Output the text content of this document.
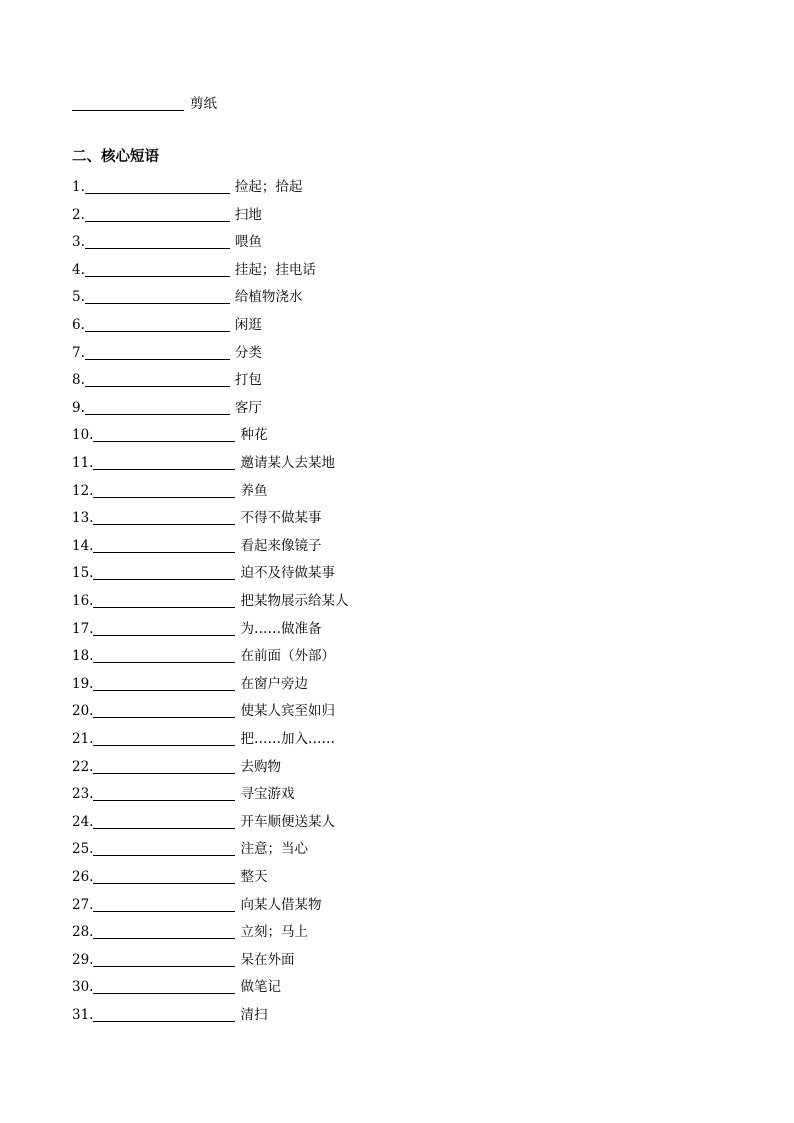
剪纸
二、核心短语
1.	捡起；拾起
2.	扫地
3.	喂鱼
4.	挂起；挂电话
5.	给植物浇水
6.	闲逛
7.	分类
8.	打包
9.	客厅
10.	种花
11.	邀请某人去某地
12.	养鱼
13.	不得不做某事
14.	看起来像镜子
15.	迫不及待做某事
16.	把某物展示给某人
17.	为……做准备
18.	在前面（外部）
19.	在窗户旁边
20.	使某人宾至如归
21.	把……加入……
22.	去购物
23.	寻宝游戏
24.	开车顺便送某人
25.	注意；当心
26.	整天
27.	向某人借某物
28.	立刻；马上
29.	呆在外面
30.	做笔记
31.	清扫
